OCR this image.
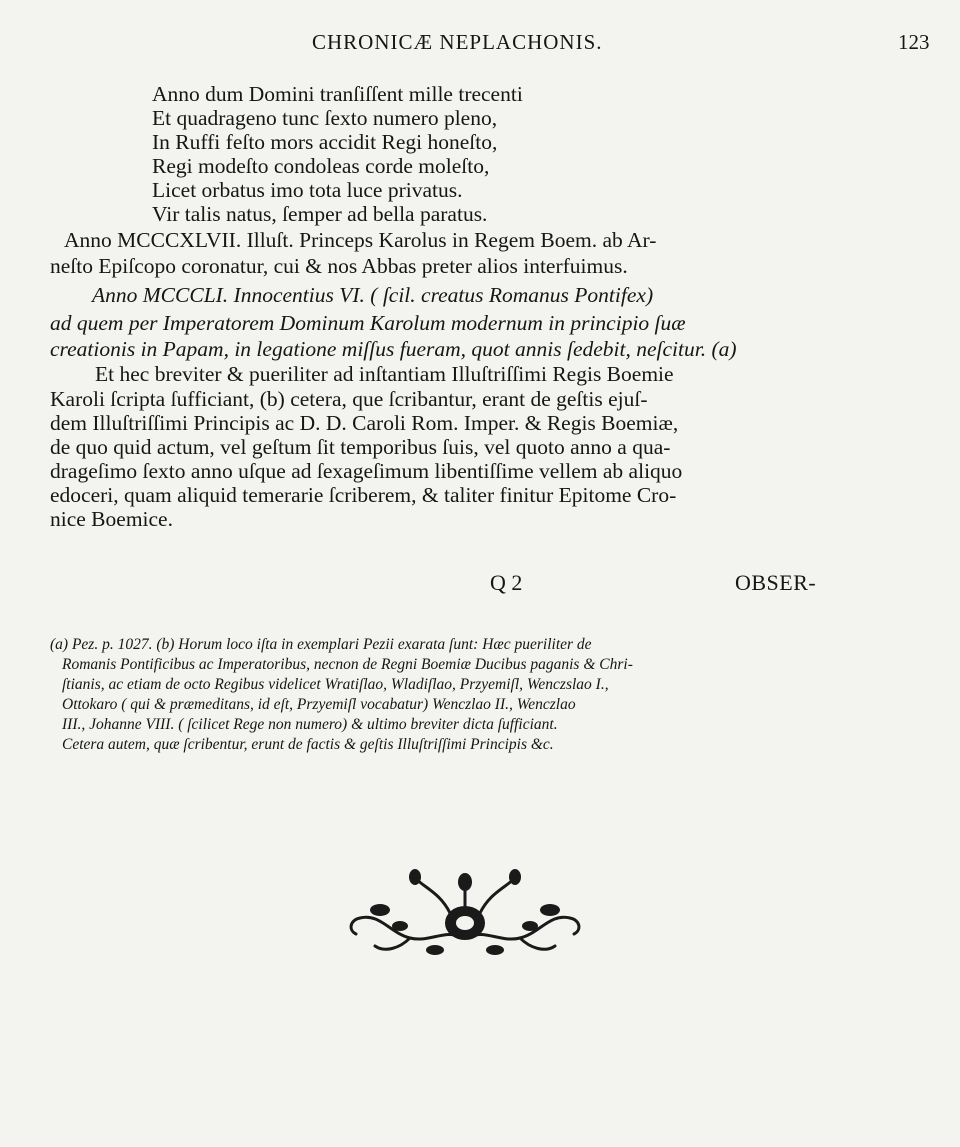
CHRONICÆ NEPLACHONIS.	123
Anno dum Domini tranſiſſent mille trecenti
Et quadrageno tunc ſexto numero pleno,
In Ruffi feſto mors accidit Regi honeſto,
Regi modeſto condoleas corde moleſto,
Licet orbatus imo tota luce privatus.
Vir talis natus, ſemper ad bella paratus.
Anno MCCCXLVII. Illuſt. Princeps Karolus in Regem Boem. ab Ar-
neſto Epiſcopo coronatur, cui & nos Abbas preter alios interfuimus.
Anno MCCCLI. Innocentius VI. ( ſcil. creatus Romanus Pontifex)
ad quem per Imperatorem Dominum Karolum modernum in principio ſuæ
creationis in Papam, in legatione miſſus fueram, quot annis ſedebit, neſcitur. (a)
Et hec breviter & pueriliter ad inſtantiam Illuſtriſſimi Regis Boemie
Karoli ſcripta ſufficiant, (b) cetera, que ſcribantur, erant de geſtis ejuſ-
dem Illuſtriſſimi Principis ac D. D. Caroli Rom. Imper. & Regis Boemiæ,
de quo quid actum, vel geſtum ſit temporibus ſuis, vel quoto anno a qua-
drageſimo ſexto anno uſque ad ſexageſimum libentiſſime vellem ab aliquo
edoceri, quam aliquid temerarie ſcriberem, & taliter finitur Epitome Cro-
nice Boemice.
Q 2	OBSER-
(a) Pez. p. 1027. (b) Horum loco iſta in exemplari Pezii exarata ſunt: Hæc pueriliter de
Romanis Pontificibus ac Imperatoribus, necnon de Regni Boemiæ Ducibus paganis & Chri-
ſtianis, ac etiam de octo Regibus videlicet Wratiſlao, Wladiſlao, Przyemiſl, Wenczslao I.,
Ottokaro ( qui & præmeditans, id eſt, Przyemiſl vocabatur) Wenczlao II., Wenczlao
III., Johanne VIII. ( ſcilicet Rege non numero) & ultimo breviter dicta ſufficiant.
Cetera autem, quæ ſcribentur, erunt de factis & geſtis Illuſtriſſimi Principis &c.
